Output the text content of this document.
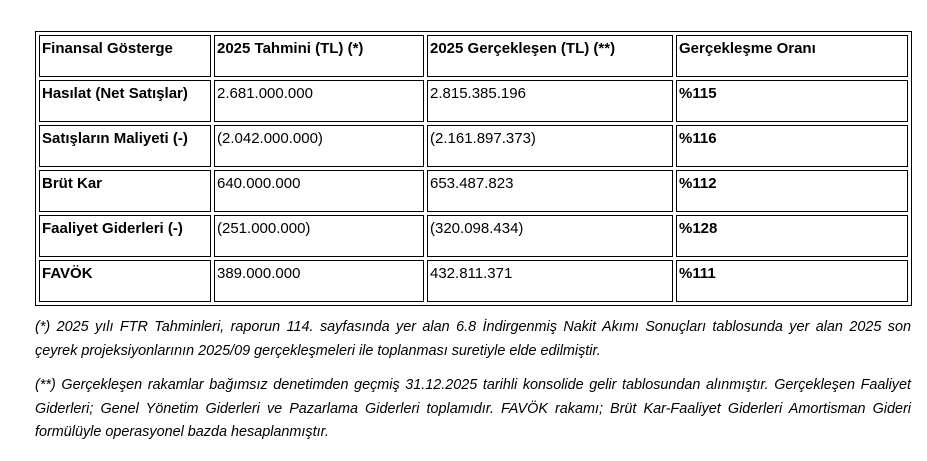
Finansal Gösterge	2025 Tahmini (TL) (*)	2025 Gerçekleşen (TL) (**)	Gerçekleşme Oranı
Hasılat (Net Satışlar)	2.681.000.000	2.815.385.196	%115
Satışların Maliyeti (-)	(2.042.000.000)	(2.161.897.373)	%116
Brüt Kar	640.000.000	653.487.823	%112
Faaliyet Giderleri (-)	(251.000.000)	(320.098.434)	%128
FAVÖK	389.000.000	432.811.371	%111

(*) 2025 yılı FTR Tahminleri, raporun 114. sayfasında yer alan 6.8 İndirgenmiş Nakit Akımı Sonuçları tablosunda yer alan 2025 son çeyrek projeksiyonlarının 2025/09 gerçekleşmeleri ile toplanması suretiyle elde edilmiştir.

(**) Gerçekleşen rakamlar bağımsız denetimden geçmiş 31.12.2025 tarihli konsolide gelir tablosundan alınmıştır. Gerçekleşen Faaliyet Giderleri; Genel Yönetim Giderleri ve Pazarlama Giderleri toplamıdır. FAVÖK rakamı; Brüt Kar-Faaliyet Giderleri Amortisman Gideri formülüyle operasyonel bazda hesaplanmıştır.
